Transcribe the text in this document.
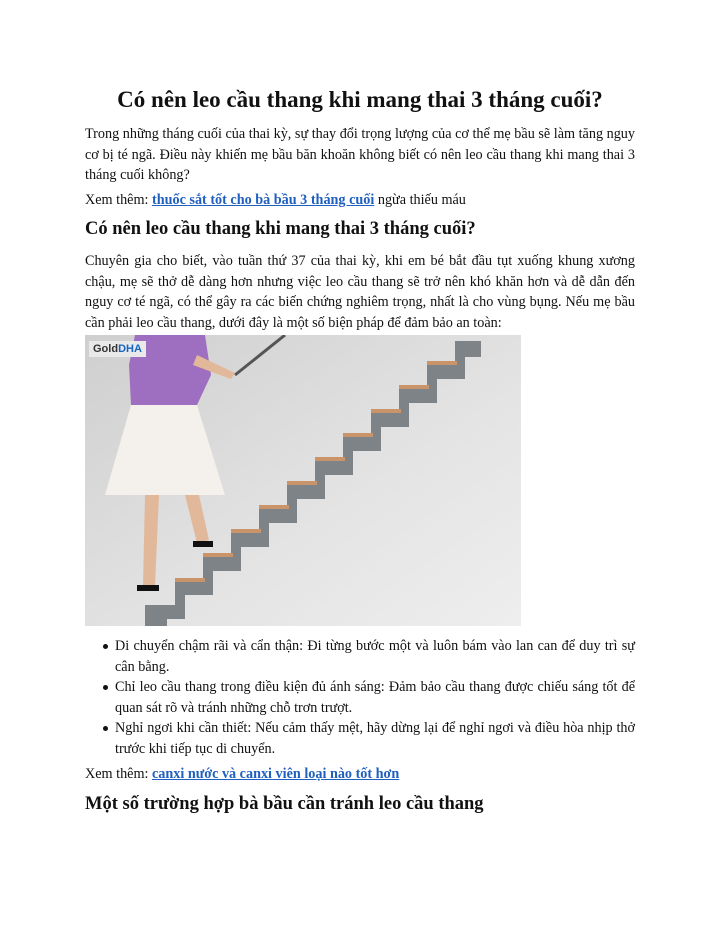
Có nên leo cầu thang khi mang thai 3 tháng cuối?

Trong những tháng cuối của thai kỳ, sự thay đổi trọng lượng của cơ thể mẹ bầu sẽ làm tăng nguy cơ bị té ngã. Điều này khiến mẹ bầu băn khoăn không biết có nên leo cầu thang khi mang thai 3 tháng cuối không?

Xem thêm: thuốc sắt tốt cho bà bầu 3 tháng cuối ngừa thiếu máu

Có nên leo cầu thang khi mang thai 3 tháng cuối?

Chuyên gia cho biết, vào tuần thứ 37 của thai kỳ, khi em bé bắt đầu tụt xuống khung xương chậu, mẹ sẽ thở dễ dàng hơn nhưng việc leo cầu thang sẽ trở nên khó khăn hơn và dễ dẫn đến nguy cơ té ngã, có thể gây ra các biến chứng nghiêm trọng, nhất là cho vùng bụng. Nếu mẹ bầu cần phải leo cầu thang, dưới đây là một số biện pháp để đảm bảo an toàn:

GoldDHA
Di chuyển chậm rãi và cẩn thận: Đi từng bước một và luôn bám vào lan can để duy trì sự cân bằng.
Chỉ leo cầu thang trong điều kiện đủ ánh sáng: Đảm bảo cầu thang được chiếu sáng tốt để quan sát rõ và tránh những chỗ trơn trượt.
Nghỉ ngơi khi cần thiết: Nếu cảm thấy mệt, hãy dừng lại để nghỉ ngơi và điều hòa nhịp thở trước khi tiếp tục di chuyển.

Xem thêm: canxi nước và canxi viên loại nào tốt hơn

Một số trường hợp bà bầu cần tránh leo cầu thang
